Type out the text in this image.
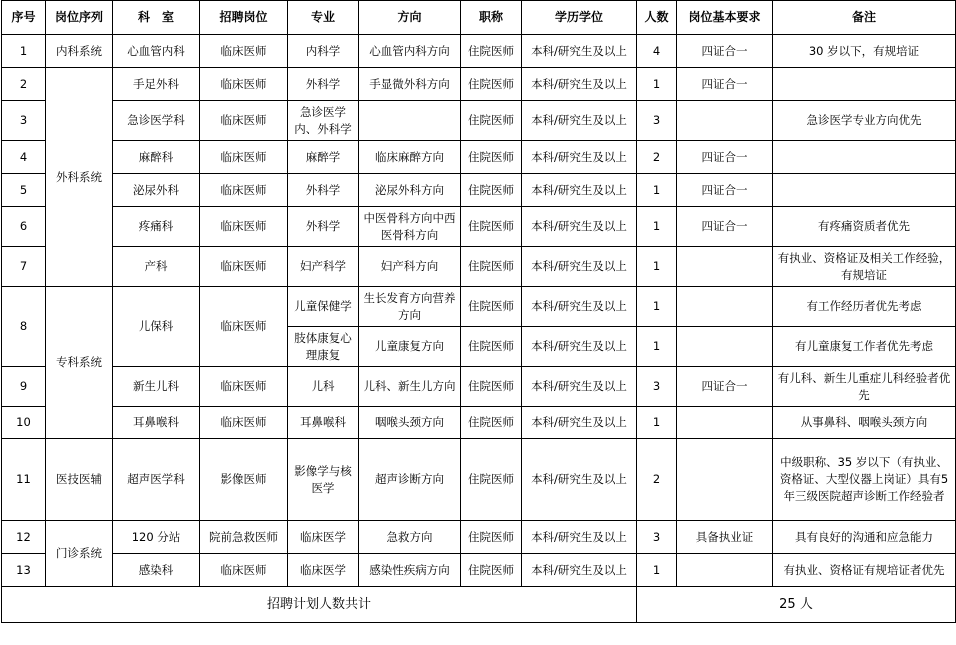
序号	岗位序列	科　室	招聘岗位	专业	方向	职称	学历学位	人数	岗位基本要求	备注
1	内科系统	心血管内科	临床医师	内科学	心血管内科方向	住院医师	本科/研究生及以上	4	四证合一	30 岁以下，有规培证
2	外科系统	手足外科	临床医师	外科学	手显微外科方向	住院医师	本科/研究生及以上	1	四证合一	
3		急诊医学科	临床医师	急诊医学内、外科学		住院医师	本科/研究生及以上	3		急诊医学专业方向优先
4		麻醉科	临床医师	麻醉学	临床麻醉方向	住院医师	本科/研究生及以上	2	四证合一	
5		泌尿外科	临床医师	外科学	泌尿外科方向	住院医师	本科/研究生及以上	1	四证合一	
6		疼痛科	临床医师	外科学	中医骨科方向中西医骨科方向	住院医师	本科/研究生及以上	1	四证合一	有疼痛资质者优先
7		产科	临床医师	妇产科学	妇产科方向	住院医师	本科/研究生及以上	1		有执业、资格证及相关工作经验，有规培证
8	专科系统	儿保科	临床医师	儿童保健学	生长发育方向营养方向	住院医师	本科/研究生及以上	1		有工作经历者优先考虑
				肢体康复心理康复	儿童康复方向	住院医师	本科/研究生及以上	1		有儿童康复工作者优先考虑
9		新生儿科	临床医师	儿科	儿科、新生儿方向	住院医师	本科/研究生及以上	3	四证合一	有儿科、新生儿重症儿科经验者优先
10		耳鼻喉科	临床医师	耳鼻喉科	咽喉头颈方向	住院医师	本科/研究生及以上	1		从事鼻科、咽喉头颈方向
11	医技医辅	超声医学科	影像医师	影像学与核医学	超声诊断方向	住院医师	本科/研究生及以上	2		中级职称、35 岁以下（有执业、资格证、大型仪器上岗证）具有5 年三级医院超声诊断工作经验者
12	门诊系统	120 分站	院前急救医师	临床医学	急救方向	住院医师	本科/研究生及以上	3	具备执业证	具有良好的沟通和应急能力
13		感染科	临床医师	临床医学	感染性疾病方向	住院医师	本科/研究生及以上	1		有执业、资格证有规培证者优先
招聘计划人数共计								25 人		
